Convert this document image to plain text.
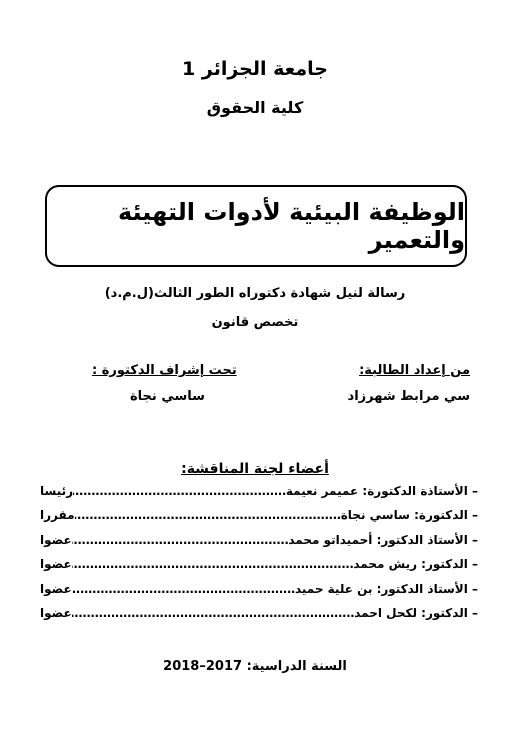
جامعة الجزائر 1
كلية الحقوق
الوظيفة البيئية لأدوات التهيئة والتعمير
رسالة لنيل شهادة دكتوراه الطور الثالث(ل.م.د)
تخصص قانون
من إعداد الطالبة:
سي مرابط شهرزاد
تحت إشراف الدكتورة :
ساسي نجاة
أعضاء لجنة المناقشة:
– الأستاذة الدكتورة: عميمر نعيمة
.....
رئيسا
– الدكتورة: ساسي نجاة
.....
مقررا
– الأستاذ الدكتور: أحميداتو محمد
.....
عضوا
– الدكتور: ريش محمد
.....
عضوا
– الأستاذ الدكتور: بن علية حميد
.....
عضوا
– الدكتور: لكحل احمد
.....
عضوا
السنة الدراسية: 2018–2017
